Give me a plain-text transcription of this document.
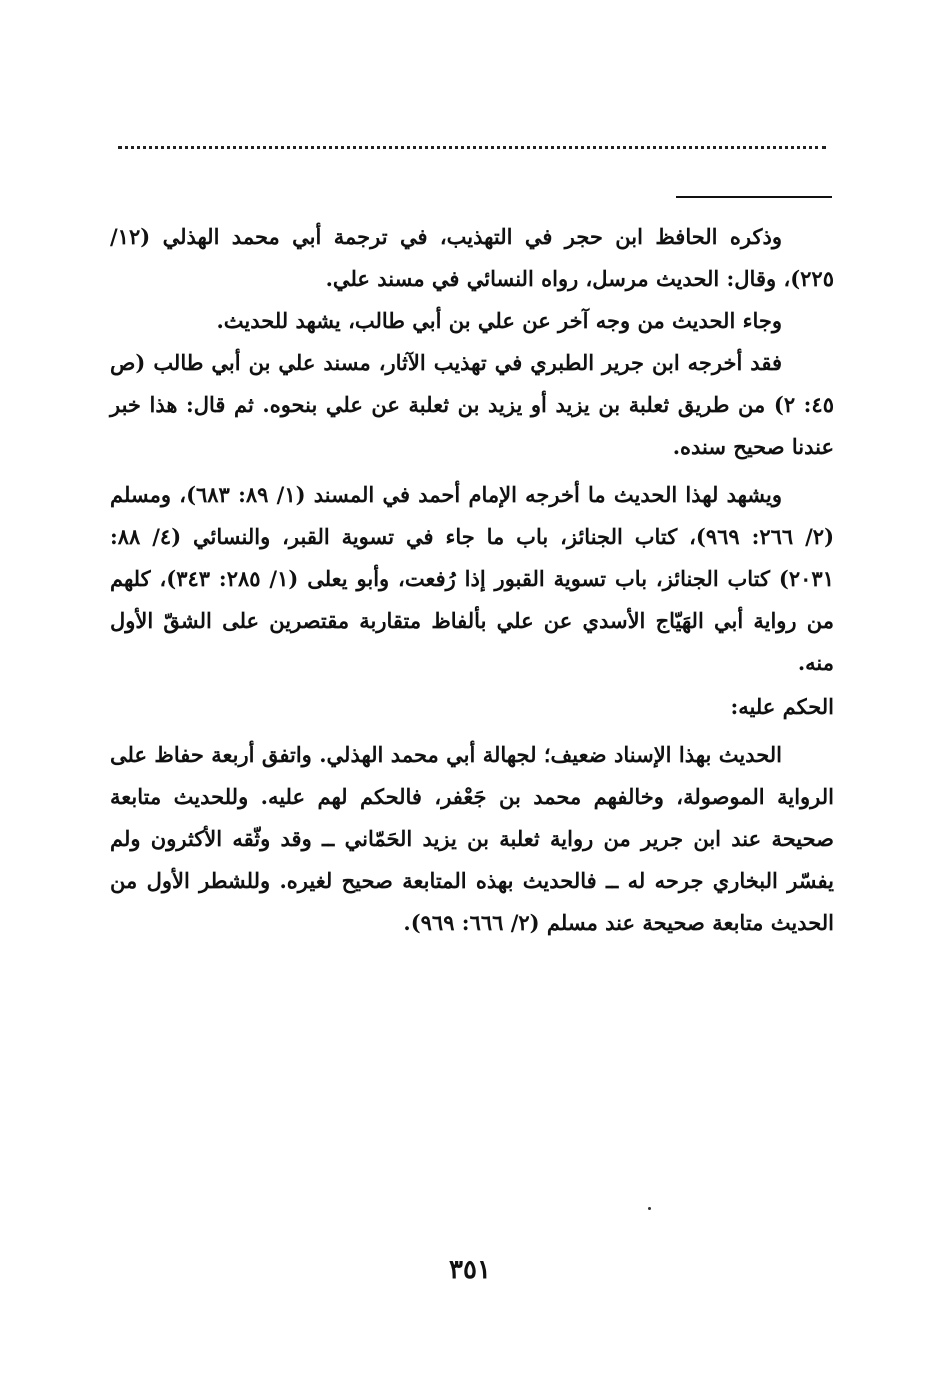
وذكره الحافظ ابن حجر في التهذيب، في ترجمة أبي محمد الهذلي (١٢/ ٢٢٥)، وقال: الحديث مرسل، رواه النسائي في مسند علي.

وجاء الحديث من وجه آخر عن علي بن أبي طالب، يشهد للحديث.

فقد أخرجه ابن جرير الطبري في تهذيب الآثار، مسند علي بن أبي طالب (ص ٤٥: ٢) من طريق ثعلبة بن يزيد أو يزيد بن ثعلبة عن علي بنحوه. ثم قال: هذا خبر عندنا صحيح سنده.

ويشهد لهذا الحديث ما أخرجه الإمام أحمد في المسند (١/ ٨٩: ٦٨٣)، ومسلم (٢/ ٢٦٦: ٩٦٩)، كتاب الجنائز، باب ما جاء في تسوية القبر، والنسائي (٤/ ٨٨: ٢٠٣١) كتاب الجنائز، باب تسوية القبور إذا رُفعت، وأبو يعلى (١/ ٢٨٥: ٣٤٣)، كلهم من رواية أبي الهَيّاج الأسدي عن علي بألفاظ متقاربة مقتصرين على الشقّ الأول منه.

الحكم عليه:

الحديث بهذا الإسناد ضعيف؛ لجهالة أبي محمد الهذلي. واتفق أربعة حفاظ على الرواية الموصولة، وخالفهم محمد بن جَعْفر، فالحكم لهم عليه. وللحديث متابعة صحيحة عند ابن جرير من رواية ثعلبة بن يزيد الحَمّاني ــ وقد وثّقه الأكثرون ولم يفسّر البخاري جرحه له ــ فالحديث بهذه المتابعة صحيح لغيره. وللشطر الأول من الحديث متابعة صحيحة عند مسلم (٢/ ٦٦٦: ٩٦٩).

٣٥١
